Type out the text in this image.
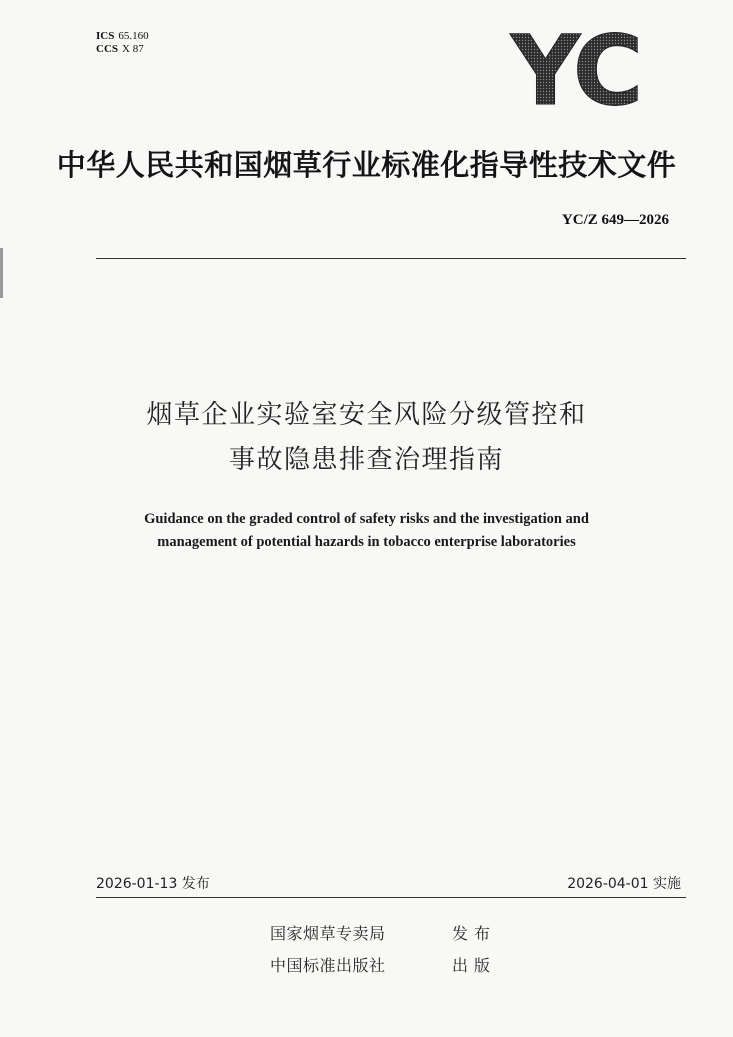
ICS 65.160
CCS X 87	YC
中华人民共和国烟草行业标准化指导性技术文件
YC/Z 649—2026
烟草企业实验室安全风险分级管控和
事故隐患排查治理指南
Guidance on the graded control of safety risks and the investigation and
management of potential hazards in tobacco enterprise laboratories
2026-01-13 发布	2026-04-01 实施
国家烟草专卖局	发布
中国标准出版社	出版
